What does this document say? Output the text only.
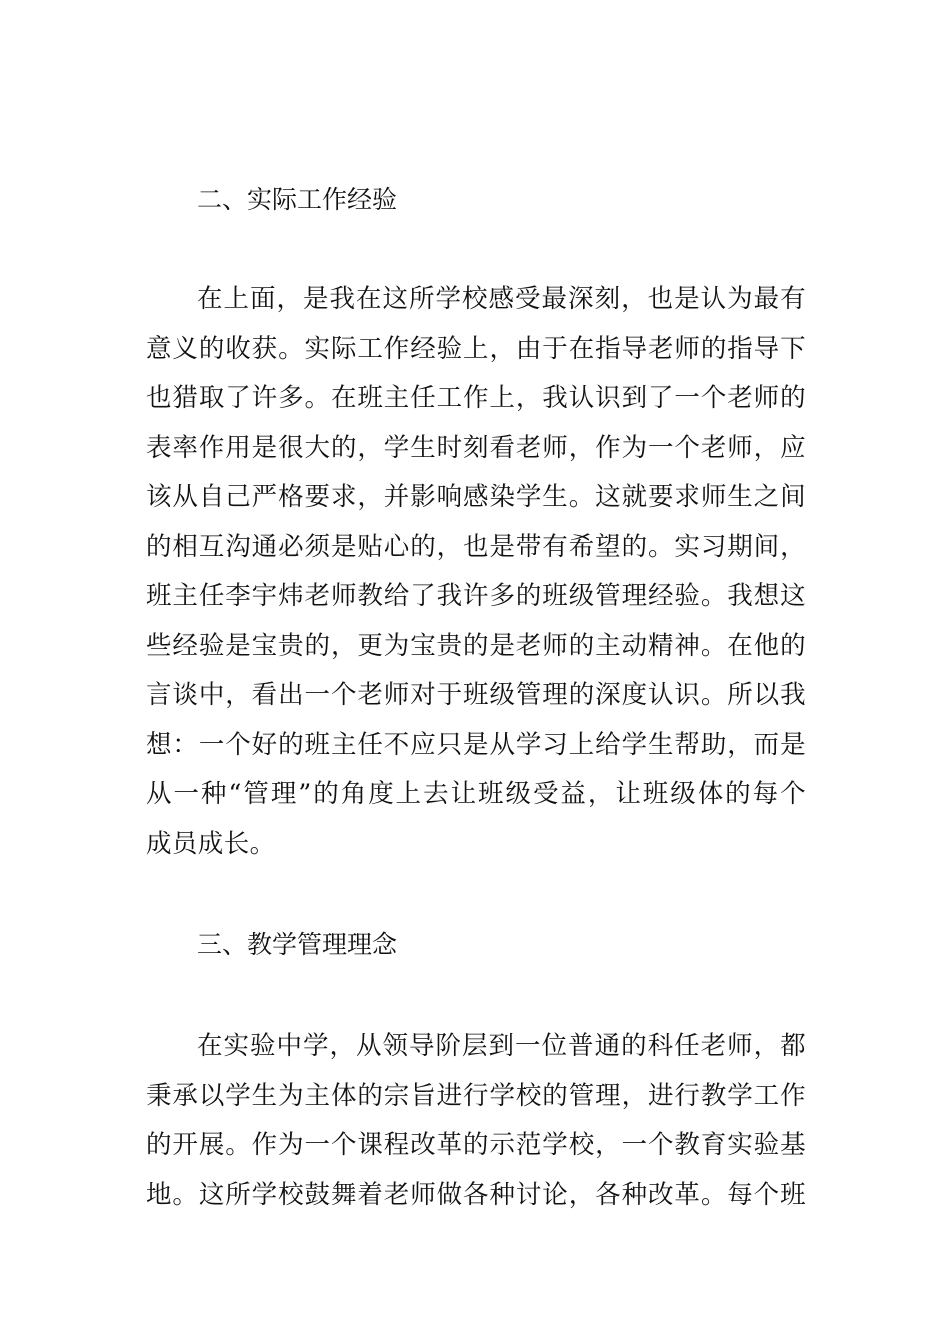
二、实际工作经验
在上面，是我在这所学校感受最深刻，也是认为最有
意义的收获。实际工作经验上，由于在指导老师的指导下
也猎取了许多。在班主任工作上，我认识到了一个老师的
表率作用是很大的，学生时刻看老师，作为一个老师，应
该从自己严格要求，并影响感染学生。这就要求师生之间
的相互沟通必须是贴心的，也是带有希望的。实习期间，
班主任李宇炜老师教给了我许多的班级管理经验。我想这
些经验是宝贵的，更为宝贵的是老师的主动精神。在他的
言谈中，看出一个老师对于班级管理的深度认识。所以我
想：一个好的班主任不应只是从学习上给学生帮助，而是
从一种“管理”的角度上去让班级受益，让班级体的每个
成员成长。
三、教学管理理念
在实验中学，从领导阶层到一位普通的科任老师，都
秉承以学生为主体的宗旨进行学校的管理，进行教学工作
的开展。作为一个课程改革的示范学校，一个教育实验基
地。这所学校鼓舞着老师做各种讨论，各种改革。每个班
